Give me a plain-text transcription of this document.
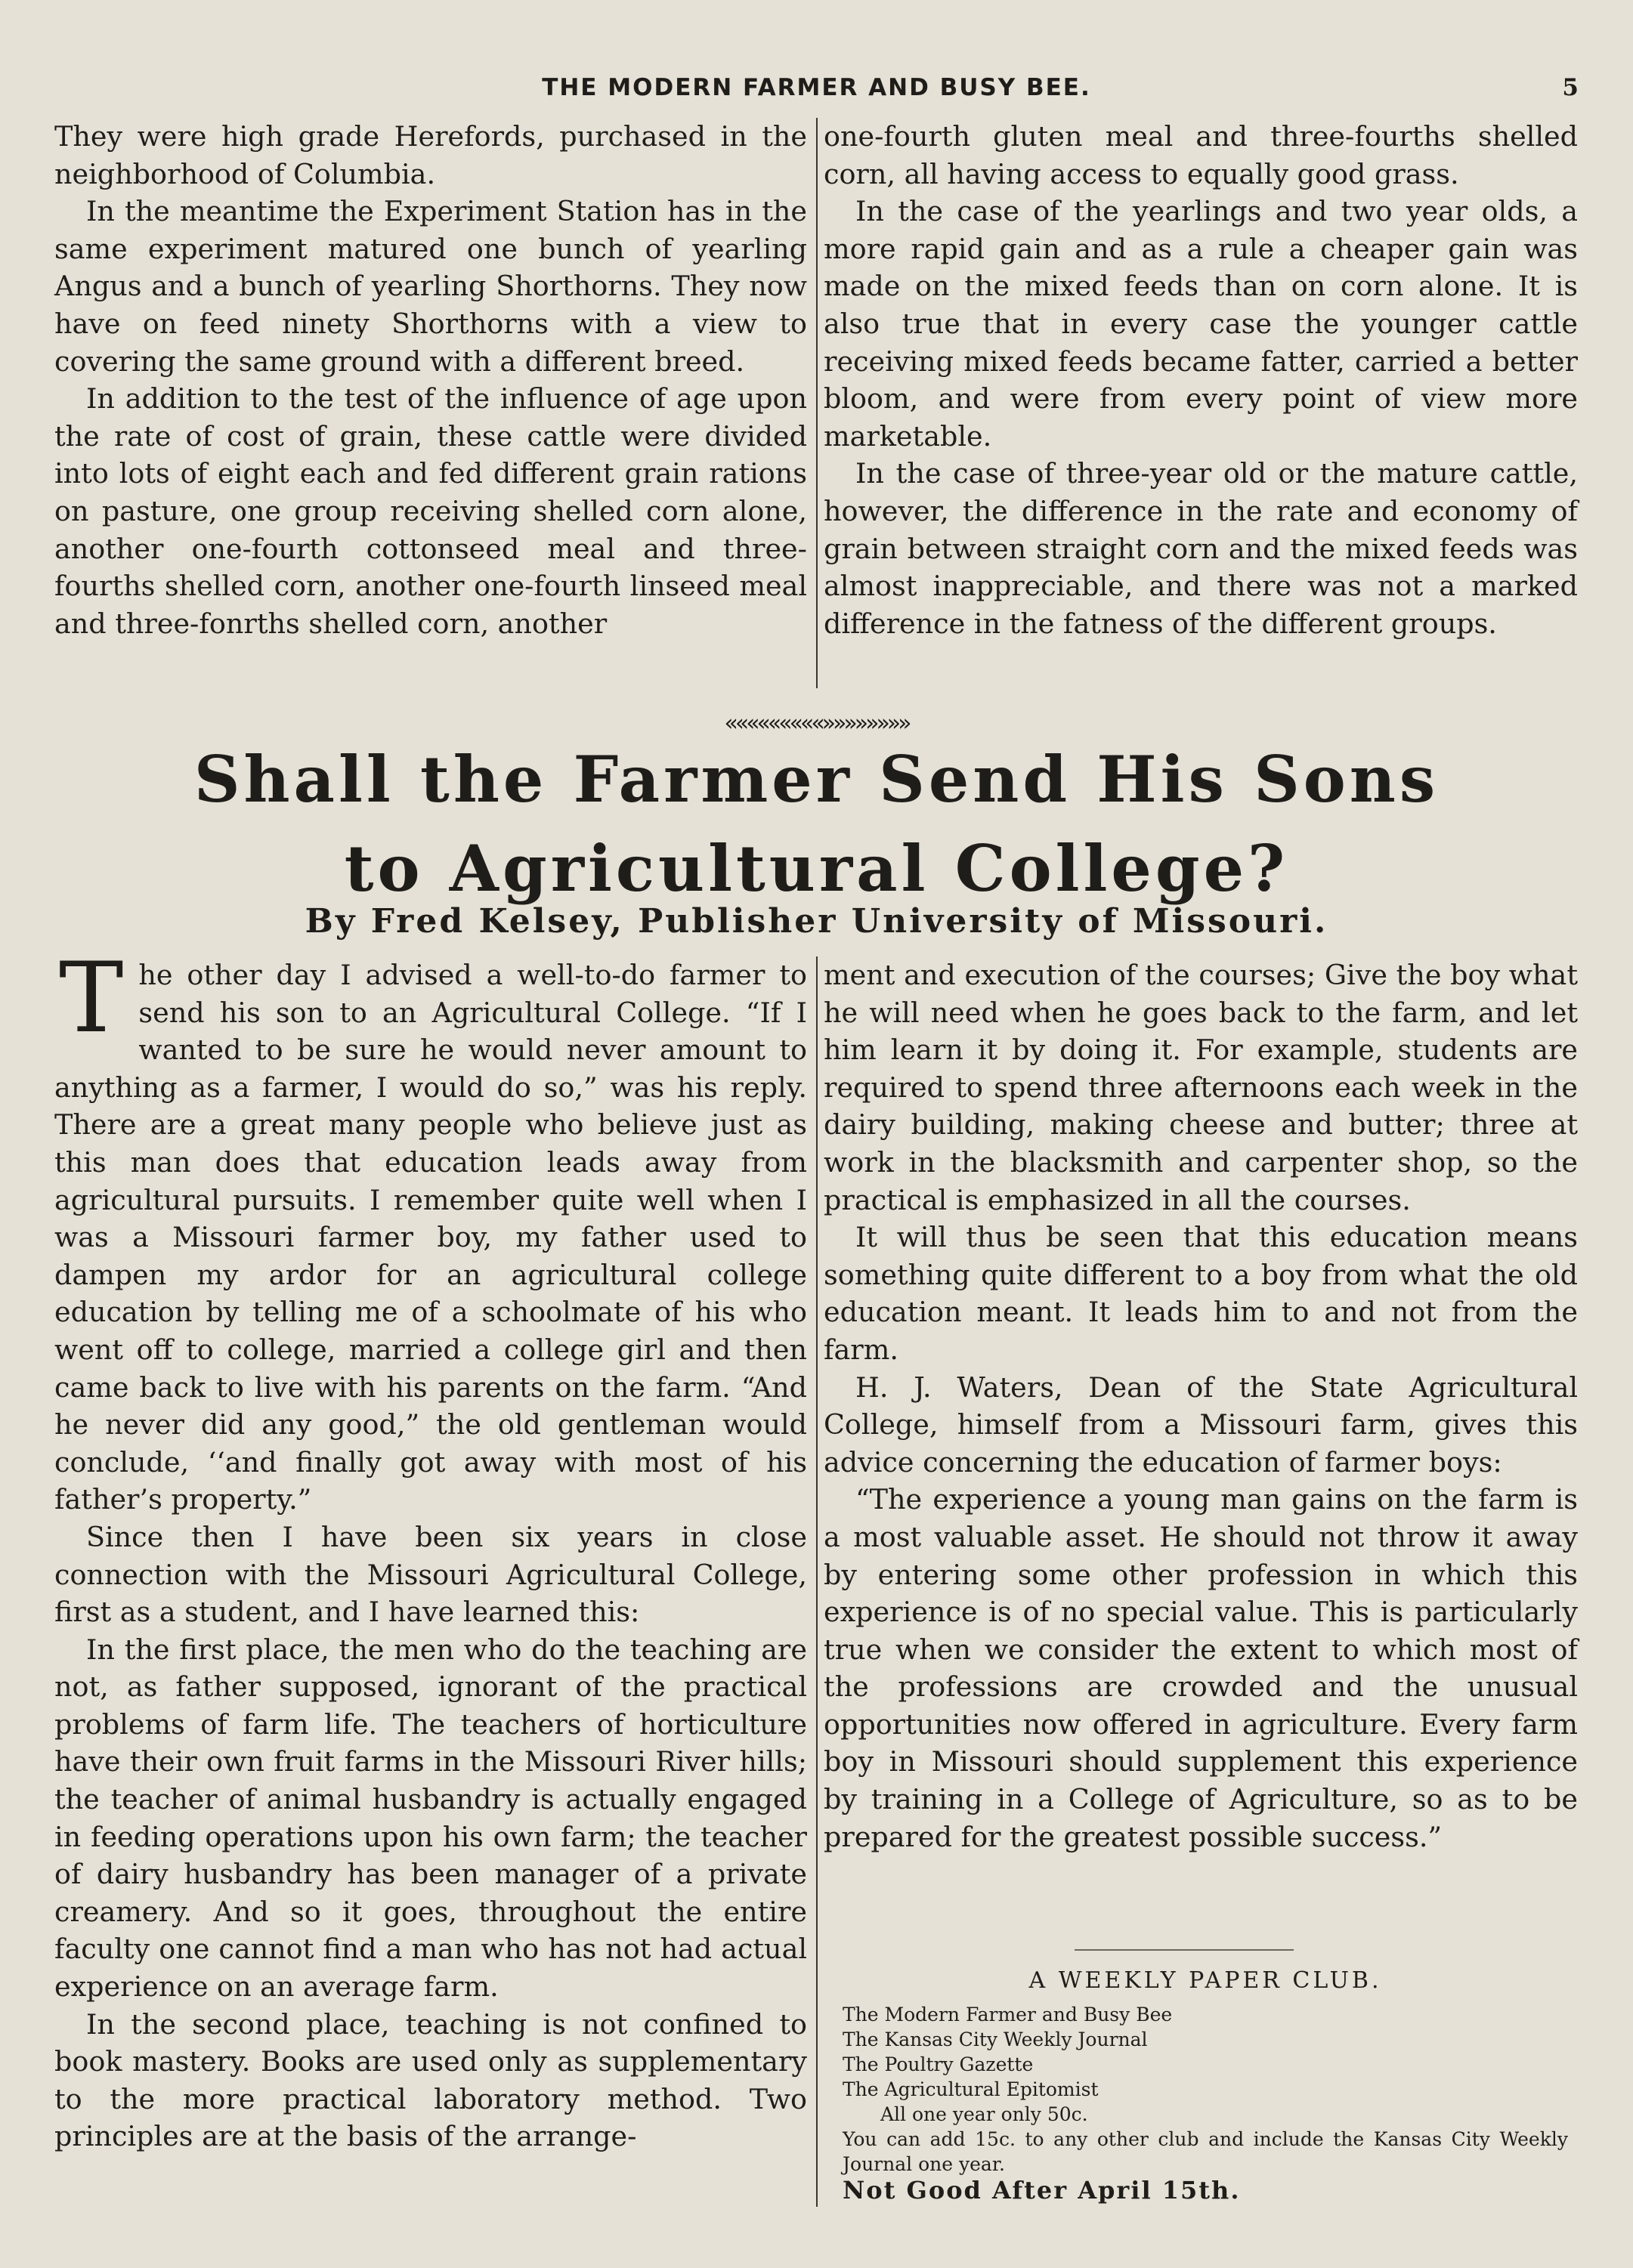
THE MODERN FARMER AND BUSY BEE.	5

They were high grade Herefords, purchased in the neighborhood of Columbia.

In the meantime the Experiment Station has in the same experiment matured one bunch of yearling Angus and a bunch of yearling Shorthorns. They now have on feed ninety Shorthorns with a view to covering the same ground with a different breed.

In addition to the test of the influence of age upon the rate of cost of grain, these cattle were divided into lots of eight each and fed different grain rations on pasture, one group receiving shelled corn alone, another one-fourth cottonseed meal and three-fourths shelled corn, another one-fourth linseed meal and three-fonrths shelled corn, another

one-fourth gluten meal and three-fourths shelled corn, all having access to equally good grass.

In the case of the yearlings and two year olds, a more rapid gain and as a rule a cheaper gain was made on the mixed feeds than on corn alone. It is also true that in every case the younger cattle receiving mixed feeds became fatter, carried a better bloom, and were from every point of view more marketable.

In the case of three-year old or the mature cattle, however, the difference in the rate and economy of grain between straight corn and the mixed feeds was almost inappreciable, and there was not a marked difference in the fatness of the different groups.

«««««««««»»»»»»»»
Shall the Farmer Send His Sons
to Agricultural College?
By Fred Kelsey, Publisher University of Missouri.

The other day I advised a well-to-do farmer to send his son to an Agricultural College. “If I wanted to be sure he would never amount to anything as a farmer, I would do so,” was his reply. There are a great many people who believe just as this man does that education leads away from agricultural pursuits. I remember quite well when I was a Missouri farmer boy, my father used to dampen my ardor for an agricultural college education by telling me of a schoolmate of his who went off to college, married a college girl and then came back to live with his parents on the farm. “And he never did any good,” the old gentleman would conclude, ‘‘and finally got away with most of his father’s property.”

Since then I have been six years in close connection with the Missouri Agricultural College, first as a student, and I have learned this:

In the first place, the men who do the teaching are not, as father supposed, ignorant of the practical problems of farm life. The teachers of horticulture have their own fruit farms in the Missouri River hills; the teacher of animal husbandry is actually engaged in feeding operations upon his own farm; the teacher of dairy husbandry has been manager of a private creamery. And so it goes, throughout the entire faculty one cannot find a man who has not had actual experience on an average farm.

In the second place, teaching is not confined to book mastery. Books are used only as supplementary to the more practical laboratory method. Two principles are at the basis of the arrange-

ment and execution of the courses; Give the boy what he will need when he goes back to the farm, and let him learn it by doing it. For example, students are required to spend three afternoons each week in the dairy building, making cheese and butter; three at work in the blacksmith and carpenter shop, so the practical is emphasized in all the courses.

It will thus be seen that this education means something quite different to a boy from what the old education meant. It leads him to and not from the farm.

H. J. Waters, Dean of the State Agricultural College, himself from a Missouri farm, gives this advice concerning the education of farmer boys:

“The experience a young man gains on the farm is a most valuable asset. He should not throw it away by entering some other profession in which this experience is of no special value. This is particularly true when we consider the extent to which most of the professions are crowded and the unusual opportunities now offered in agriculture. Every farm boy in Missouri should supplement this experience by training in a College of Agriculture, so as to be prepared for the greatest possible success.”

A WEEKLY PAPER CLUB.
The Modern Farmer and Busy Bee
The Kansas City Weekly Journal
The Poultry Gazette
The Agricultural Epitomist
All one year only 50c.
You can add 15c. to any other club and include the Kansas City Weekly Journal one year.
Not Good After April 15th.
